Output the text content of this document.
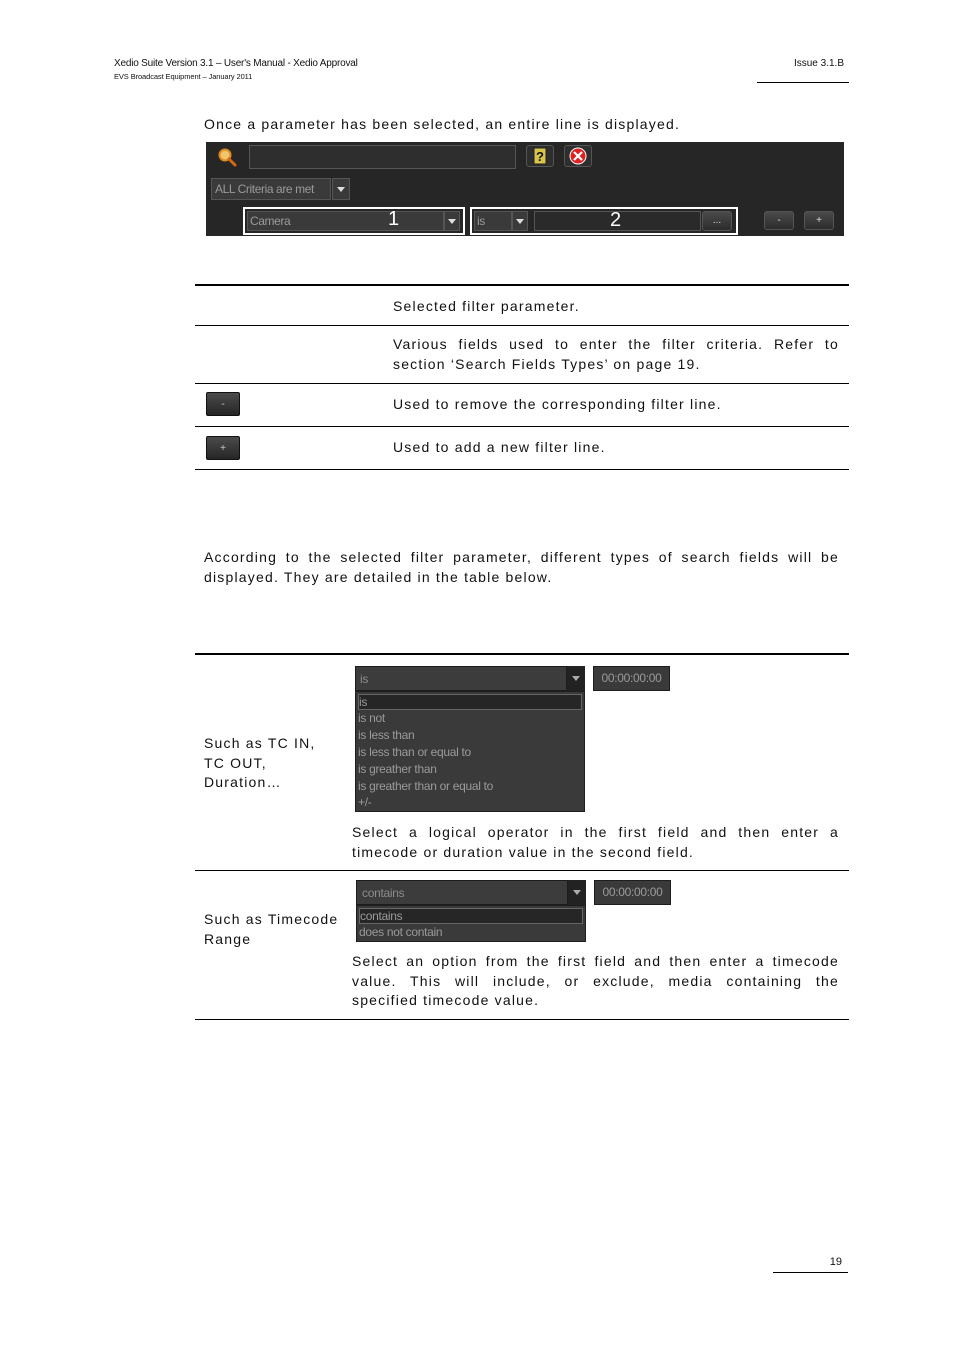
Xedio Suite Version 3.1 – User's Manual - Xedio Approval
EVS Broadcast Equipment – January 2011
Issue 3.1.B
Once a parameter has been selected, an entire line is displayed.
?
ALL Criteria are met
Camera	1	is	2	...	-	+
Selected filter parameter.
Various fields used to enter the filter criteria. Refer to section ‘Search Fields Types’ on page 19.
-	Used to remove the corresponding filter line.
+	Used to add a new filter line.
According to the selected filter parameter, different types of search fields will be displayed. They are detailed in the table below.
Such as TC IN, TC OUT, Duration…
is	00:00:00:00
is
is not
is less than
is less than or equal to
is greather than
is greather than or equal to
+/-
Select a logical operator in the first field and then enter a timecode or duration value in the second field.
Such as Timecode Range
contains	00:00:00:00
contains
does not contain
Select an option from the first field and then enter a timecode value. This will include, or exclude, media containing the specified timecode value.
19
